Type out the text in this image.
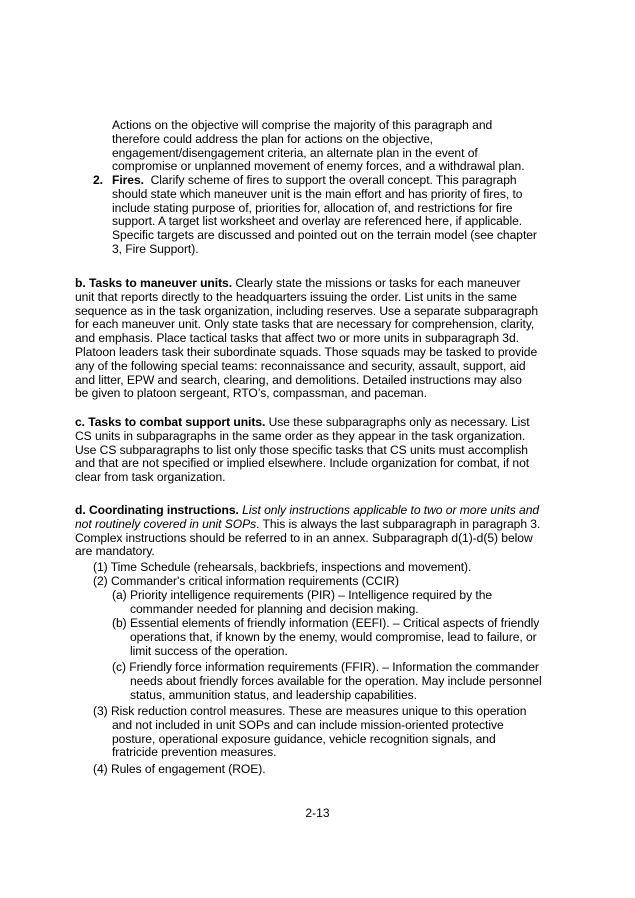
Actions on the objective will comprise the majority of this paragraph and
therefore could address the plan for actions on the objective,
engagement/disengagement criteria, an alternate plan in the event of
compromise or unplanned movement of enemy forces, and a withdrawal plan.
2. Fires.  Clarify scheme of fires to support the overall concept. This paragraph
should state which maneuver unit is the main effort and has priority of fires, to
include stating purpose of, priorities for, allocation of, and restrictions for fire
support. A target list worksheet and overlay are referenced here, if applicable.
Specific targets are discussed and pointed out on the terrain model (see chapter
3, Fire Support).
b. Tasks to maneuver units. Clearly state the missions or tasks for each maneuver
unit that reports directly to the headquarters issuing the order. List units in the same
sequence as in the task organization, including reserves. Use a separate subparagraph
for each maneuver unit. Only state tasks that are necessary for comprehension, clarity,
and emphasis. Place tactical tasks that affect two or more units in subparagraph 3d.
Platoon leaders task their subordinate squads. Those squads may be tasked to provide
any of the following special teams: reconnaissance and security, assault, support, aid
and litter, EPW and search, clearing, and demolitions. Detailed instructions may also
be given to platoon sergeant, RTO’s, compassman, and paceman.
c. Tasks to combat support units. Use these subparagraphs only as necessary. List
CS units in subparagraphs in the same order as they appear in the task organization.
Use CS subparagraphs to list only those specific tasks that CS units must accomplish
and that are not specified or implied elsewhere. Include organization for combat, if not
clear from task organization.
d. Coordinating instructions. List only instructions applicable to two or more units and
not routinely covered in unit SOPs. This is always the last subparagraph in paragraph 3.
Complex instructions should be referred to in an annex. Subparagraph d(1)-d(5) below
are mandatory.
(1) Time Schedule (rehearsals, backbriefs, inspections and movement).
(2) Commander's critical information requirements (CCIR)
(a) Priority intelligence requirements (PIR) – Intelligence required by the
commander needed for planning and decision making.
(b) Essential elements of friendly information (EEFI). – Critical aspects of friendly
operations that, if known by the enemy, would compromise, lead to failure, or
limit success of the operation.
(c) Friendly force information requirements (FFIR). – Information the commander
needs about friendly forces available for the operation. May include personnel
status, ammunition status, and leadership capabilities.
(3) Risk reduction control measures. These are measures unique to this operation
and not included in unit SOPs and can include mission-oriented protective
posture, operational exposure guidance, vehicle recognition signals, and
fratricide prevention measures.
(4) Rules of engagement (ROE).
2-13
